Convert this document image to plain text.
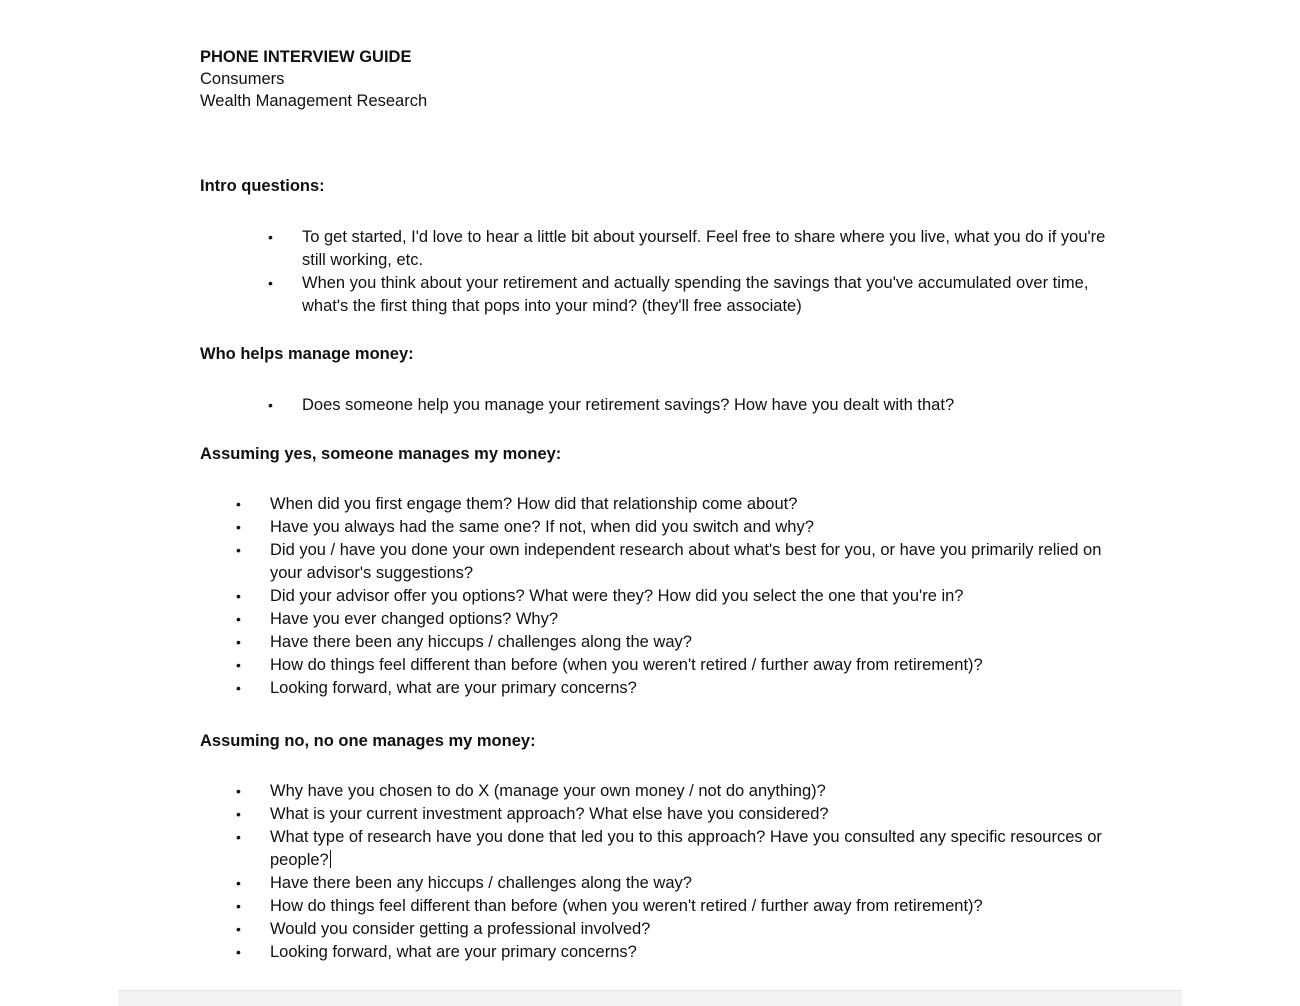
PHONE INTERVIEW GUIDE
Consumers
Wealth Management Research
Intro questions:
• To get started, I'd love to hear a little bit about yourself. Feel free to share where you live, what you do if you're still working, etc.
• When you think about your retirement and actually spending the savings that you've accumulated over time, what's the first thing that pops into your mind? (they'll free associate)
Who helps manage money:
• Does someone help you manage your retirement savings? How have you dealt with that?
Assuming yes, someone manages my money:
• When did you first engage them? How did that relationship come about?
• Have you always had the same one? If not, when did you switch and why?
• Did you / have you done your own independent research about what's best for you, or have you primarily relied on your advisor's suggestions?
• Did your advisor offer you options? What were they? How did you select the one that you're in?
• Have you ever changed options? Why?
• Have there been any hiccups / challenges along the way?
• How do things feel different than before (when you weren't retired / further away from retirement)?
• Looking forward, what are your primary concerns?
Assuming no, no one manages my money:
• Why have you chosen to do X (manage your own money / not do anything)?
• What is your current investment approach? What else have you considered?
• What type of research have you done that led you to this approach? Have you consulted any specific resources or people?
• Have there been any hiccups / challenges along the way?
• How do things feel different than before (when you weren't retired / further away from retirement)?
• Would you consider getting a professional involved?
• Looking forward, what are your primary concerns?
